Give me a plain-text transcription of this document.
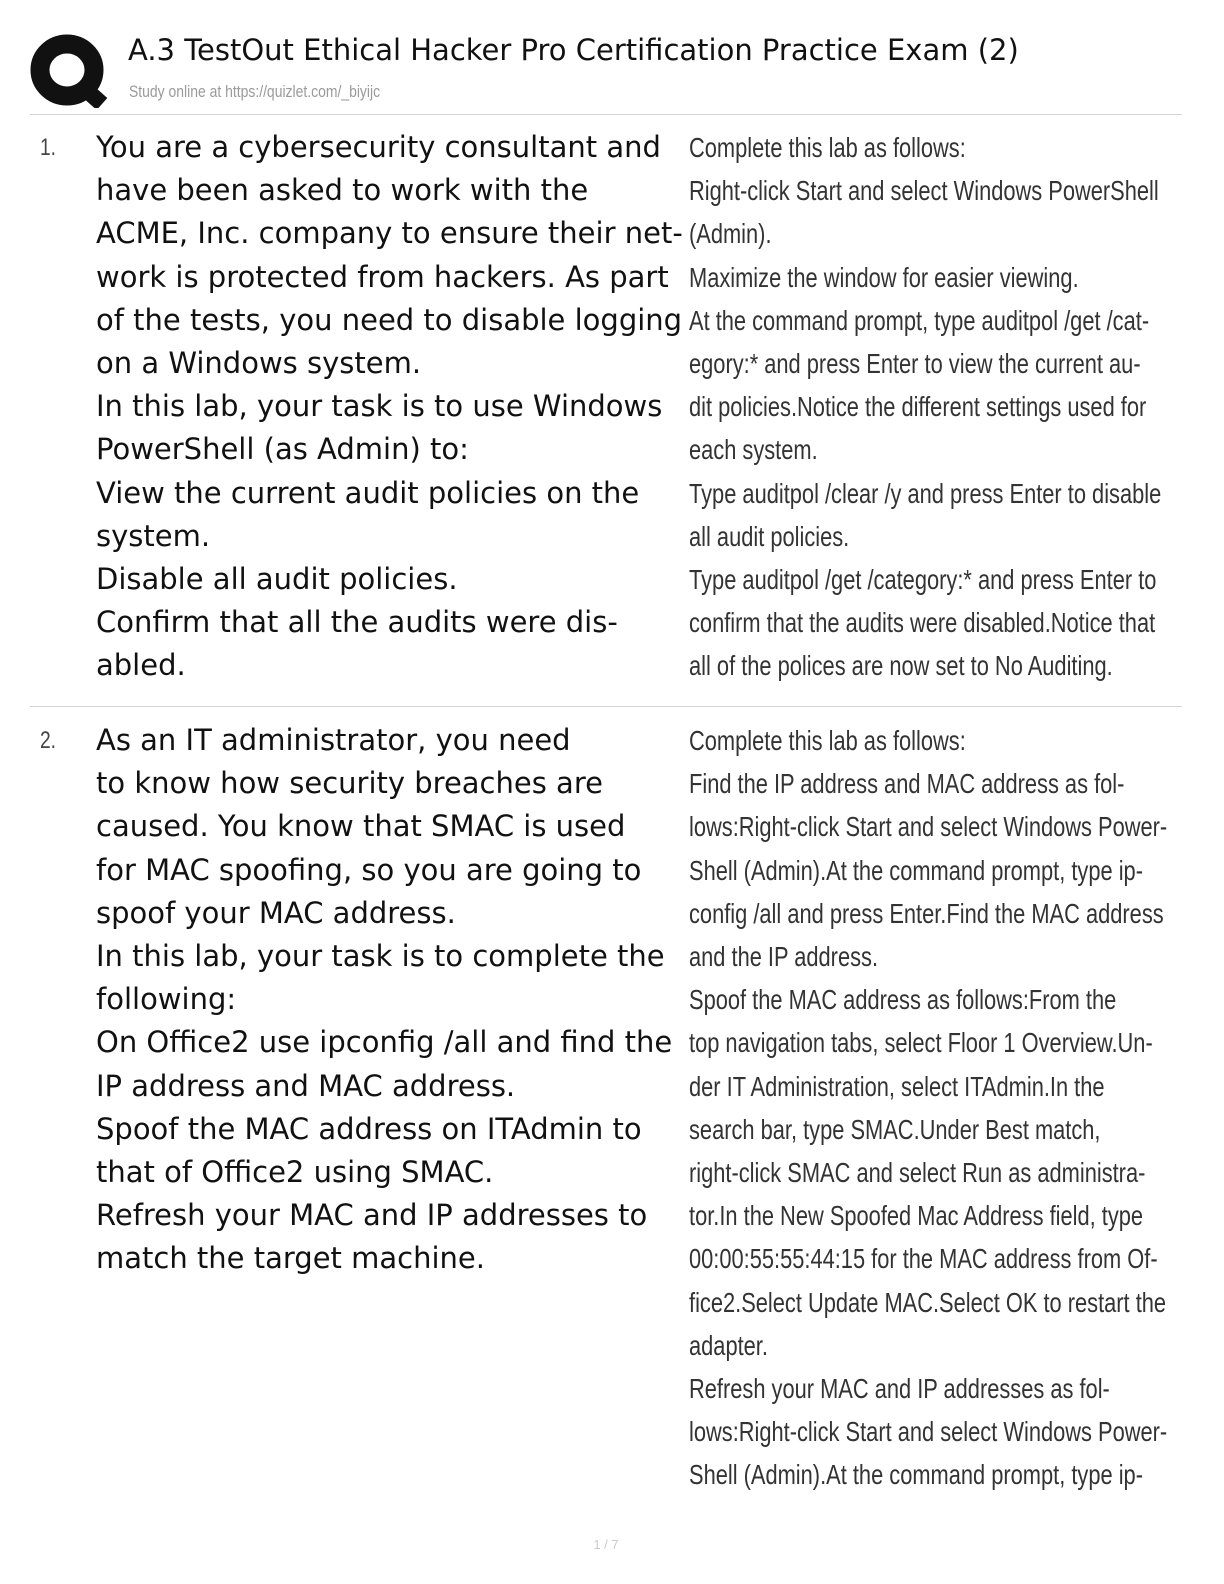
A.3 TestOut Ethical Hacker Pro Certification Practice Exam (2)
Study online at https://quizlet.com/_biyijc
1. You are a cybersecurity consultant and
have been asked to work with the
ACME, Inc. company to ensure their net-
work is protected from hackers. As part
of the tests, you need to disable logging
on a Windows system.
In this lab, your task is to use Windows
PowerShell (as Admin) to:
View the current audit policies on the
system.
Disable all audit policies.
Confirm that all the audits were dis-
abled.
Complete this lab as follows:
Right-click Start and select Windows PowerShell
(Admin).
Maximize the window for easier viewing.
At the command prompt, type auditpol /get /cat-
egory:* and press Enter to view the current au-
dit policies.Notice the different settings used for
each system.
Type auditpol /clear /y and press Enter to disable
all audit policies.
Type auditpol /get /category:* and press Enter to
confirm that the audits were disabled.Notice that
all of the polices are now set to No Auditing.
2. As an IT administrator, you need
to know how security breaches are
caused. You know that SMAC is used
for MAC spoofing, so you are going to
spoof your MAC address.
In this lab, your task is to complete the
following:
On Office2 use ipconfig /all and find the
IP address and MAC address.
Spoof the MAC address on ITAdmin to
that of Office2 using SMAC.
Refresh your MAC and IP addresses to
match the target machine.
Complete this lab as follows:
Find the IP address and MAC address as fol-
lows:Right-click Start and select Windows Power-
Shell (Admin).At the command prompt, type ip-
config /all and press Enter.Find the MAC address
and the IP address.
Spoof the MAC address as follows:From the
top navigation tabs, select Floor 1 Overview.Un-
der IT Administration, select ITAdmin.In the
search bar, type SMAC.Under Best match,
right-click SMAC and select Run as administra-
tor.In the New Spoofed Mac Address field, type
00:00:55:55:44:15 for the MAC address from Of-
fice2.Select Update MAC.Select OK to restart the
adapter.
Refresh your MAC and IP addresses as fol-
lows:Right-click Start and select Windows Power-
Shell (Admin).At the command prompt, type ip-
1 / 7
